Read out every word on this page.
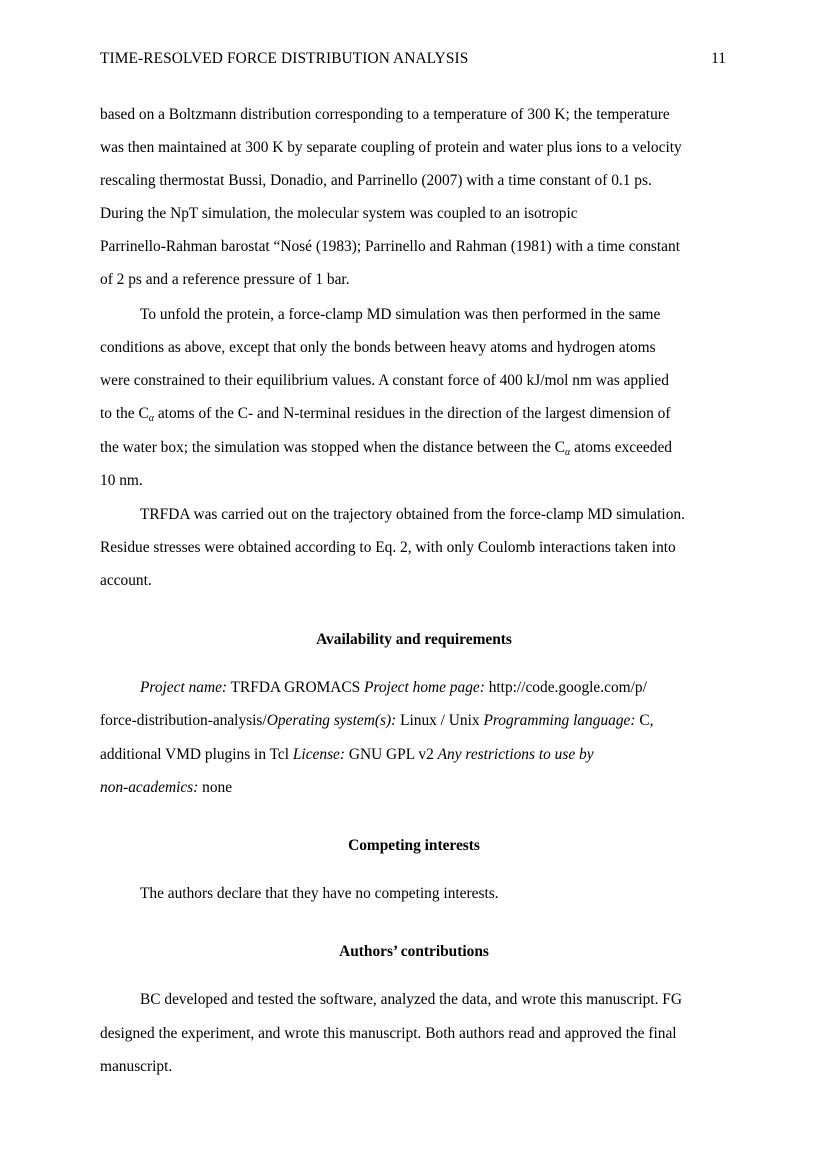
TIME-RESOLVED FORCE DISTRIBUTION ANALYSIS	11
based on a Boltzmann distribution corresponding to a temperature of 300 K; the temperature
was then maintained at 300 K by separate coupling of protein and water plus ions to a velocity
rescaling thermostat Bussi, Donadio, and Parrinello (2007) with a time constant of 0.1 ps.
During the NpT simulation, the molecular system was coupled to an isotropic
Parrinello-Rahman barostat “Nosé (1983); Parrinello and Rahman (1981) with a time constant
of 2 ps and a reference pressure of 1 bar.
To unfold the protein, a force-clamp MD simulation was then performed in the same
conditions as above, except that only the bonds between heavy atoms and hydrogen atoms
were constrained to their equilibrium values. A constant force of 400 kJ/mol nm was applied
to the Cα atoms of the C- and N-terminal residues in the direction of the largest dimension of
the water box; the simulation was stopped when the distance between the Cα atoms exceeded
10 nm.
TRFDA was carried out on the trajectory obtained from the force-clamp MD simulation.
Residue stresses were obtained according to Eq. 2, with only Coulomb interactions taken into
account.
Availability and requirements
Project name: TRFDA GROMACS Project home page: http://code.google.com/p/
force-distribution-analysis/Operating system(s): Linux / Unix Programming language: C,
additional VMD plugins in Tcl License: GNU GPL v2 Any restrictions to use by
non-academics: none
Competing interests
The authors declare that they have no competing interests.
Authors’ contributions
BC developed and tested the software, analyzed the data, and wrote this manuscript. FG
designed the experiment, and wrote this manuscript. Both authors read and approved the final
manuscript.
